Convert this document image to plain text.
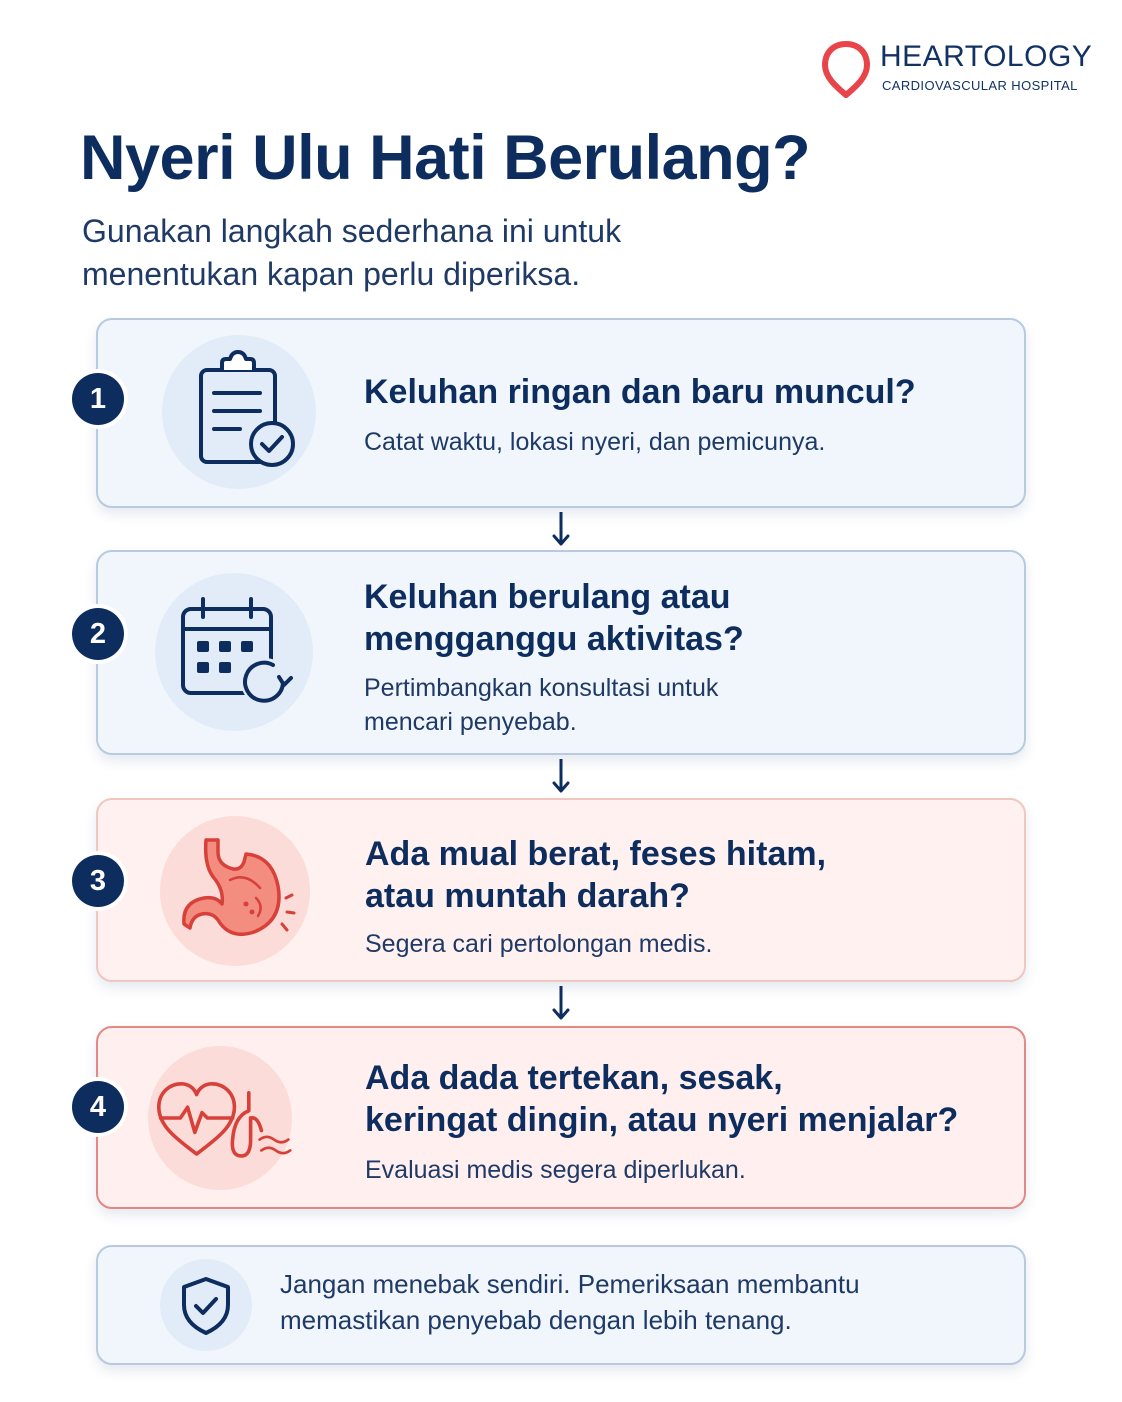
HEARTOLOGY
CARDIOVASCULAR HOSPITAL
Nyeri Ulu Hati Berulang?
Gunakan langkah sederhana ini untuk
menentukan kapan perlu diperiksa.
1	Keluhan ringan dan baru muncul?
Catat waktu, lokasi nyeri, dan pemicunya.
2
Keluhan berulang atau
mengganggu aktivitas?
Pertimbangkan konsultasi untuk
mencari penyebab.
3
Ada mual berat, feses hitam,
atau muntah darah?
Segera cari pertolongan medis.
4
Ada dada tertekan, sesak,
keringat dingin, atau nyeri menjalar?
Evaluasi medis segera diperlukan.
Jangan menebak sendiri. Pemeriksaan membantu
memastikan penyebab dengan lebih tenang.
